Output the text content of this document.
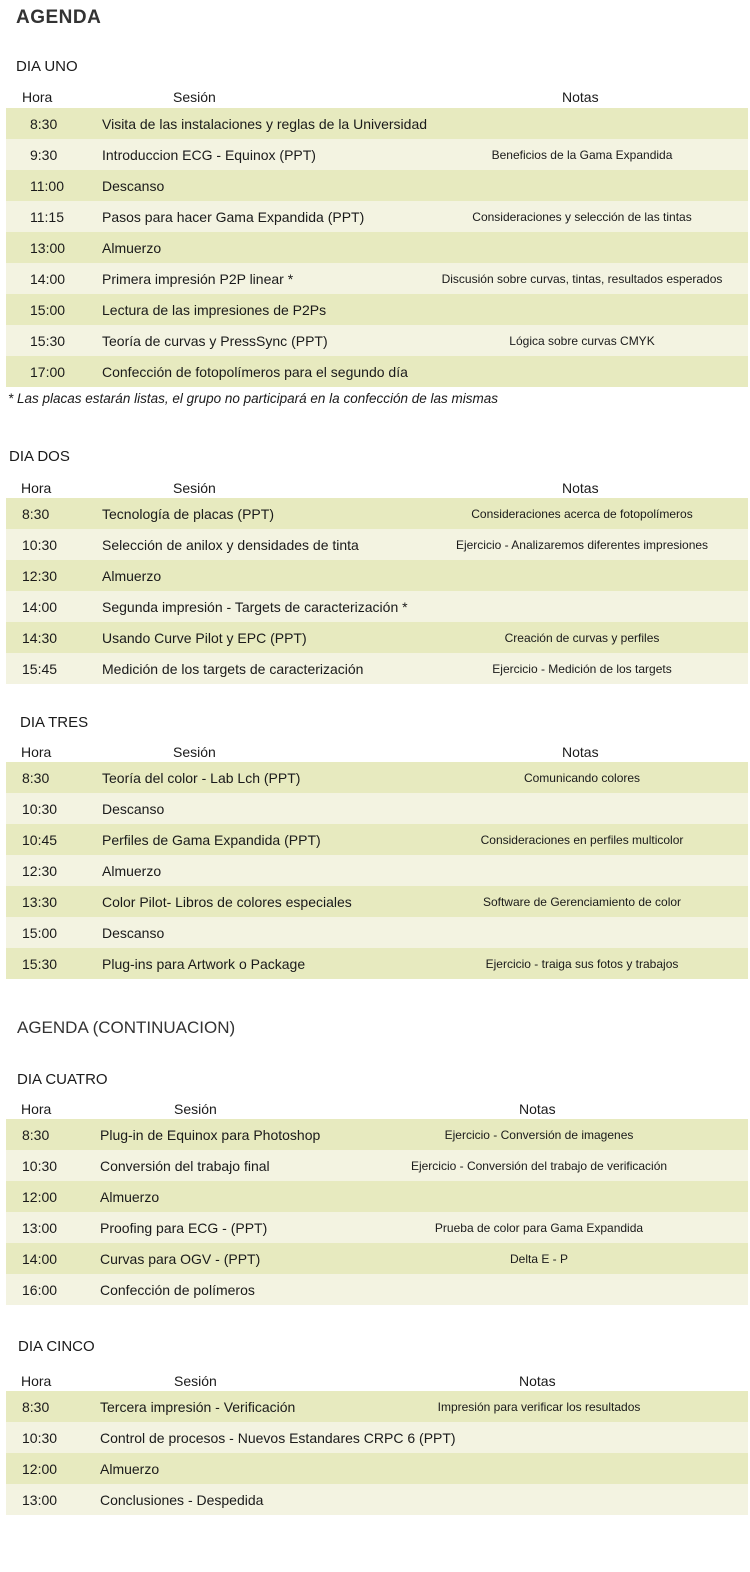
AGENDA
AGENDA (CONTINUACION)
* Las placas estarán listas, el grupo no participará en la confección de las mismas
DIA UNO
Hora	Sesión	Notas
8:30	Visita de las instalaciones y reglas de la Universidad
9:30	Introduccion ECG - Equinox (PPT)	Beneficios de la Gama Expandida
11:00	Descanso
11:15	Pasos para hacer Gama Expandida (PPT)	Consideraciones y selección de las tintas
13:00	Almuerzo
14:00	Primera impresión P2P linear *	Discusión sobre curvas, tintas, resultados esperados
15:00	Lectura de las impresiones de P2Ps
15:30	Teoría de curvas y PressSync (PPT)	Lógica sobre curvas CMYK
17:00	Confección de fotopolímeros para el segundo día
DIA DOS
Hora	Sesión	Notas
8:30	Tecnología de placas (PPT)	Consideraciones acerca de fotopolímeros
10:30	Selección de anilox y densidades de tinta	Ejercicio - Analizaremos diferentes impresiones
12:30	Almuerzo
14:00	Segunda impresión - Targets de caracterización *
14:30	Usando Curve Pilot y EPC (PPT)	Creación de curvas y perfiles
15:45	Medición de los targets de caracterización	Ejercicio - Medición de los targets
DIA TRES
Hora	Sesión	Notas
8:30	Teoría del color - Lab Lch (PPT)	Comunicando colores
10:30	Descanso
10:45	Perfiles de Gama Expandida (PPT)	Consideraciones en perfiles multicolor
12:30	Almuerzo
13:30	Color Pilot- Libros de colores especiales	Software de Gerenciamiento de color
15:00	Descanso
15:30	Plug-ins para Artwork o Package	Ejercicio - traiga sus fotos y trabajos
DIA CUATRO
Hora	Sesión	Notas
8:30	Plug-in de Equinox para Photoshop	Ejercicio - Conversión de imagenes
10:30	Conversión del trabajo final	Ejercicio - Conversión del trabajo de verificación
12:00	Almuerzo
13:00	Proofing para ECG - (PPT)	Prueba de color para Gama Expandida
14:00	Curvas para OGV - (PPT)	Delta E - P
16:00	Confección de polímeros
DIA CINCO
Hora	Sesión	Notas
8:30	Tercera impresión - Verificación	Impresión para verificar los resultados
10:30	Control de procesos - Nuevos Estandares CRPC 6 (PPT)
12:00	Almuerzo
13:00	Conclusiones - Despedida
